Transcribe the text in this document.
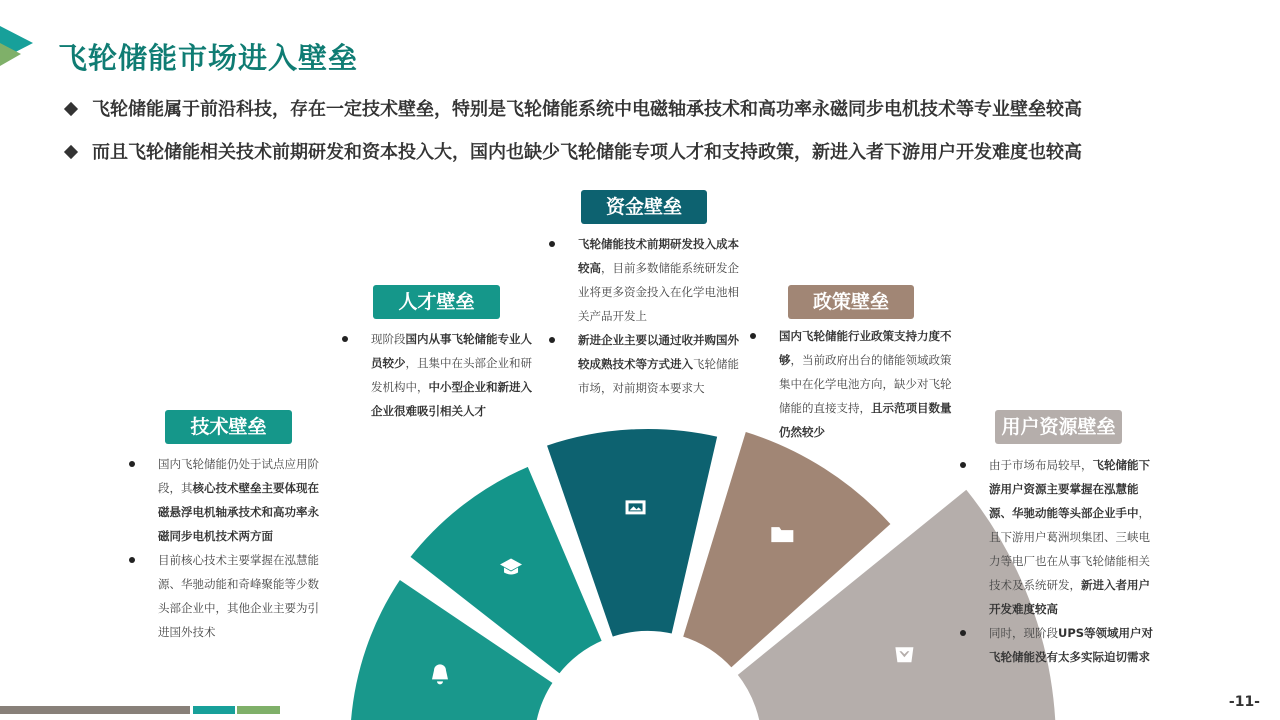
飞轮储能市场进入壁垒
飞轮储能属于前沿科技，存在一定技术壁垒，特别是飞轮储能系统中电磁轴承技术和高功率永磁同步电机技术等专业壁垒较高
而且飞轮储能相关技术前期研发和资本投入大，国内也缺少飞轮储能专项人才和支持政策，新进入者下游用户开发难度也较高
技术壁垒
人才壁垒
资金壁垒
政策壁垒
用户资源壁垒
国内飞轮储能仍处于试点应用阶段，其核心技术壁垒主要体现在磁悬浮电机轴承技术和高功率永磁同步电机技术两方面
目前核心技术主要掌握在泓慧能源、华驰动能和奇峰聚能等少数头部企业中，其他企业主要为引进国外技术
现阶段国内从事飞轮储能专业人员较少，且集中在头部企业和研发机构中，中小型企业和新进入企业很难吸引相关人才
飞轮储能技术前期研发投入成本较高，目前多数储能系统研发企业将更多资金投入在化学电池相关产品开发上
新进企业主要以通过收并购国外较成熟技术等方式进入飞轮储能市场，对前期资本要求大
国内飞轮储能行业政策支持力度不够，当前政府出台的储能领域政策集中在化学电池方向，缺少对飞轮储能的直接支持，且示范项目数量仍然较少
由于市场布局较早，飞轮储能下游用户资源主要掌握在泓慧能源、华驰动能等头部企业手中，且下游用户葛洲坝集团、三峡电力等电厂也在从事飞轮储能相关技术及系统研发，新进入者用户开发难度较高
同时，现阶段UPS等领域用户对飞轮储能没有太多实际迫切需求
-11-
